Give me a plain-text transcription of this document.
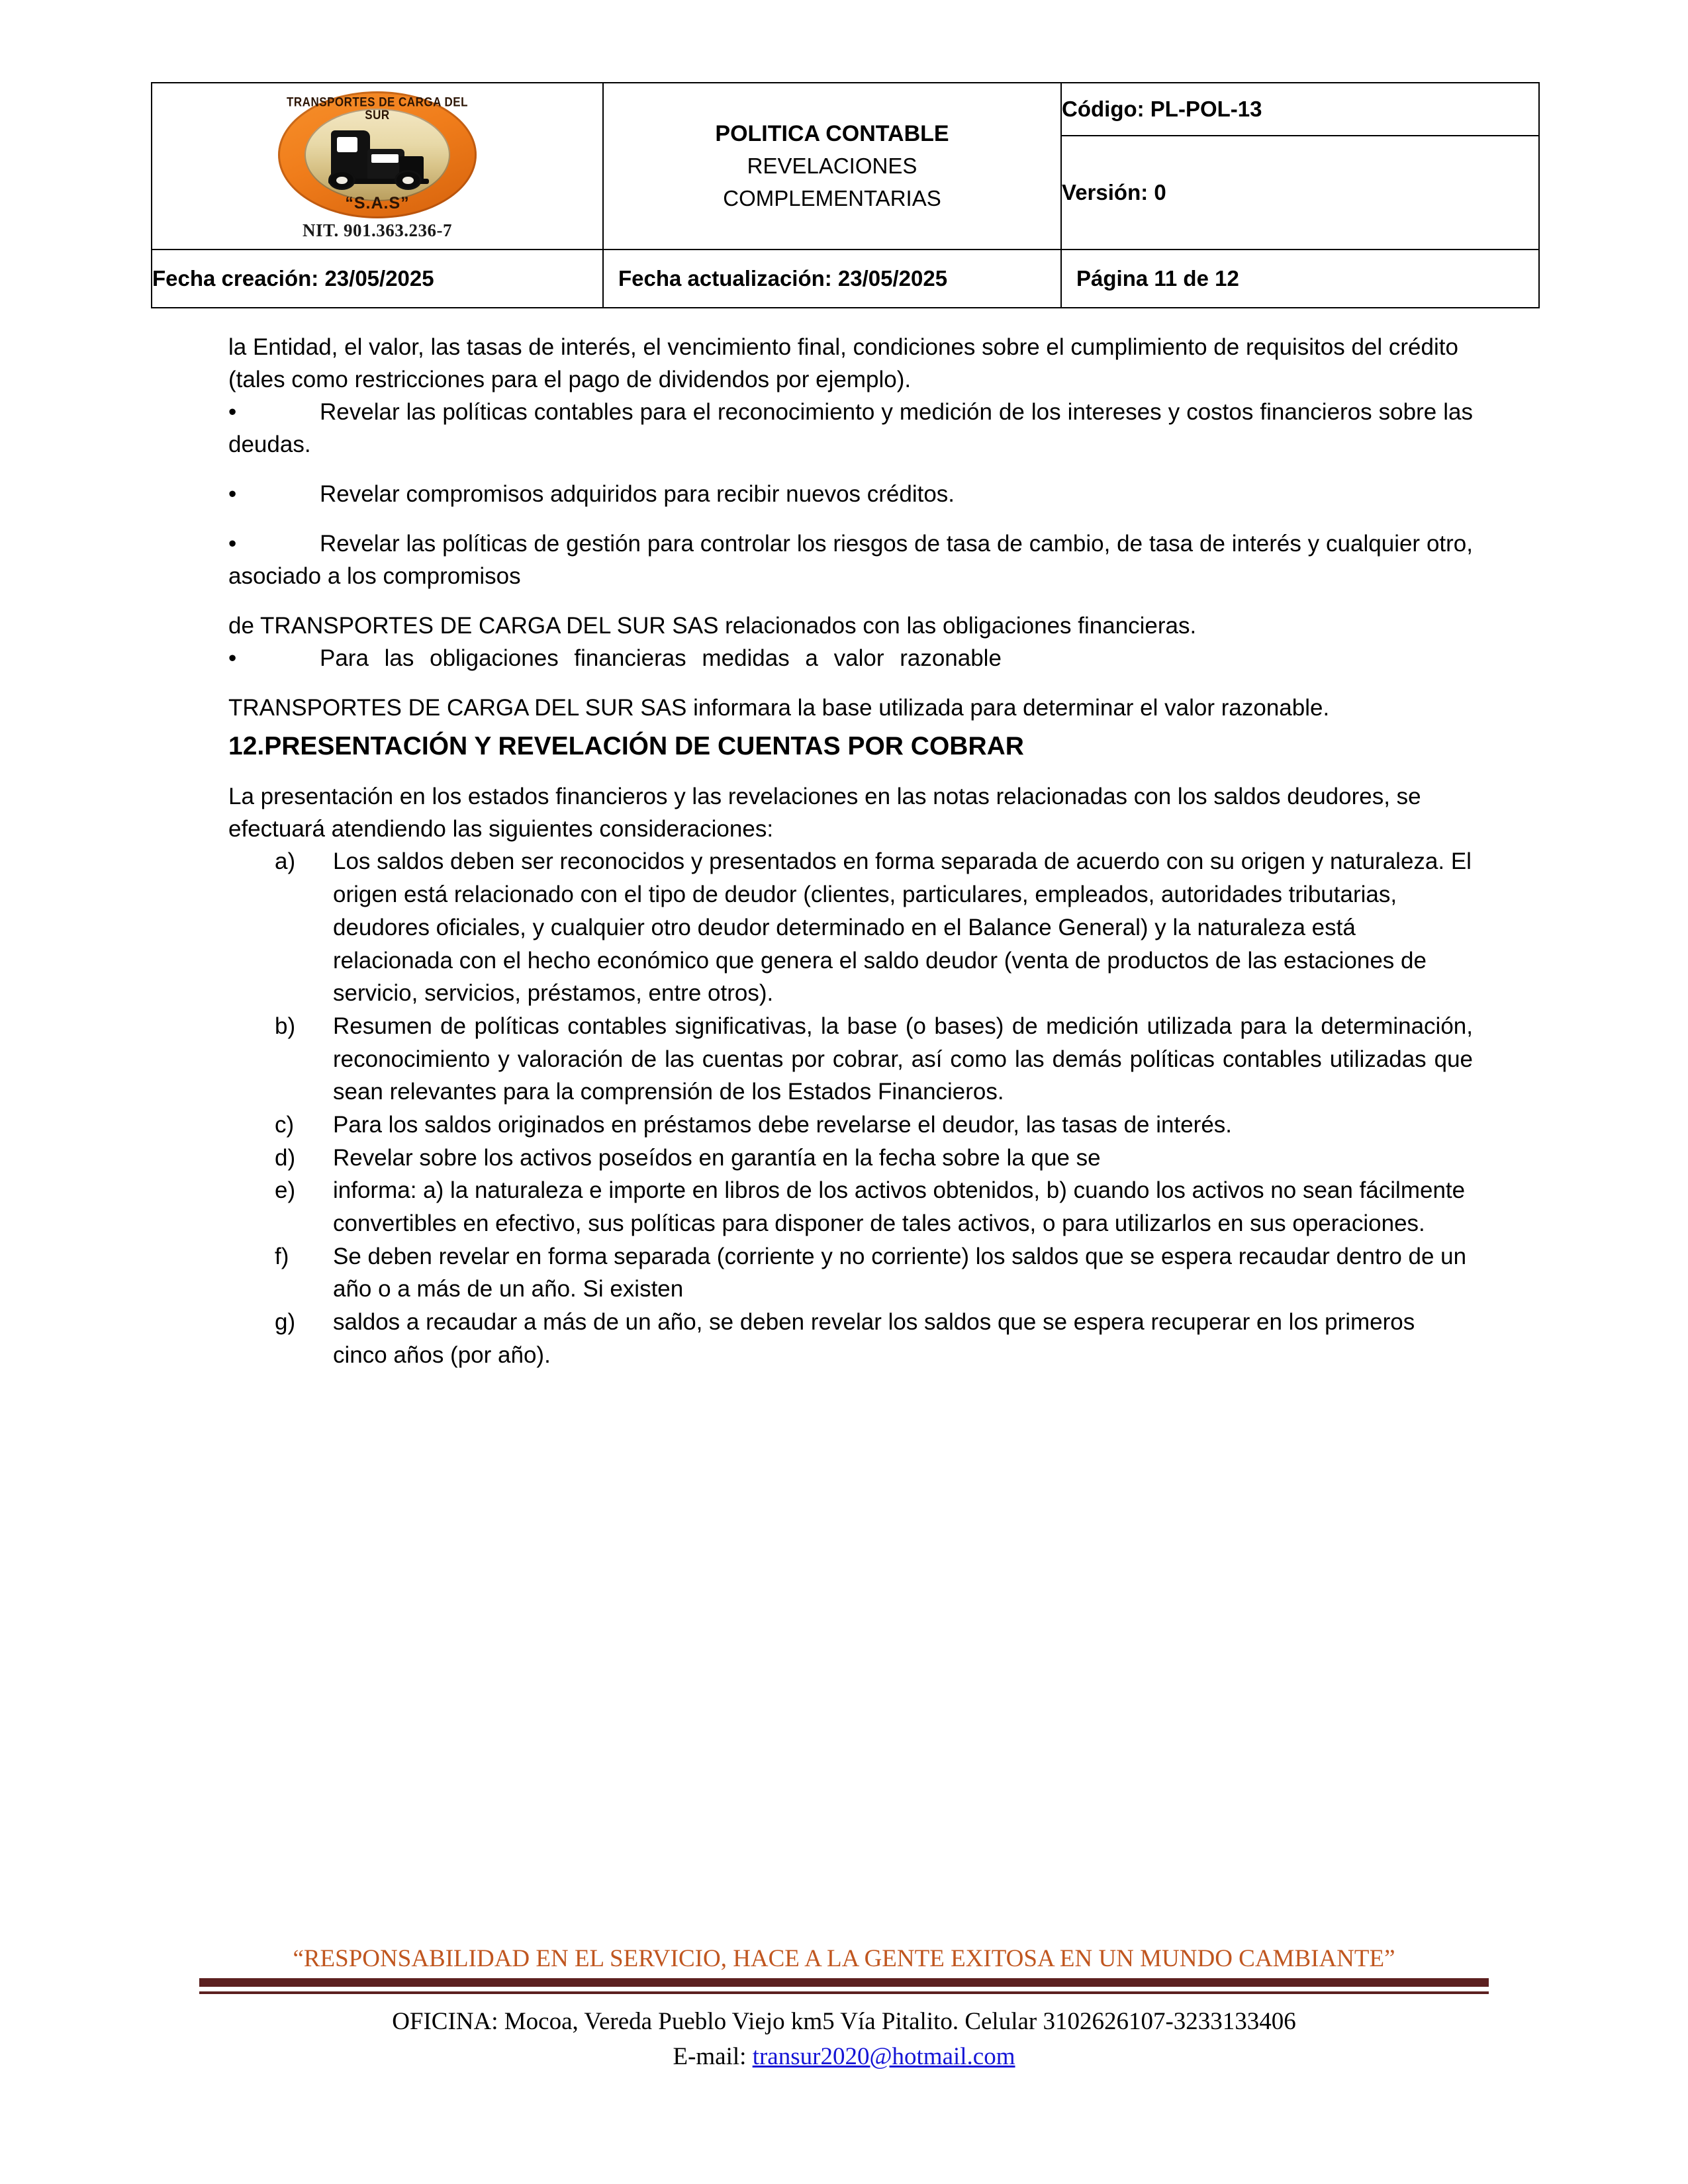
TRANSPORTES DE CARGA DEL SUR
“S.A.S”
NIT. 901.363.236-7

POLITICA CONTABLE
REVELACIONES
COMPLEMENTARIAS
	Código: PL-POL-13
		Versión: 0
Fecha creación: 23/05/2025	Fecha actualización: 23/05/2025	Página 11 de 12

la Entidad, el valor, las tasas de interés, el vencimiento final, condiciones sobre el cumplimiento de requisitos del crédito (tales como restricciones para el pago de dividendos por ejemplo).

•	Revelar las políticas contables para el reconocimiento y medición de los intereses y costos financieros sobre las deudas.
•	Revelar compromisos adquiridos para recibir nuevos créditos.
•	Revelar las políticas de gestión para controlar los riesgos de tasa de cambio, de tasa de interés y cualquier otro, asociado a los compromisos

de TRANSPORTES DE CARGA DEL SUR SAS relacionados con las obligaciones financieras.

•	Para las obligaciones financieras medidas a valor razonable

TRANSPORTES DE CARGA DEL SUR SAS informara la base utilizada para determinar el valor razonable.

12.PRESENTACIÓN Y REVELACIÓN DE CUENTAS POR COBRAR

La presentación en los estados financieros y las revelaciones en las notas relacionadas con los saldos deudores, se efectuará atendiendo las siguientes consideraciones:

a)	Los saldos deben ser reconocidos y presentados en forma separada de acuerdo con su origen y naturaleza. El origen está relacionado con el tipo de deudor (clientes, particulares, empleados, autoridades tributarias, deudores oficiales, y cualquier otro deudor determinado en el Balance General) y la naturaleza está relacionada con el hecho económico que genera el saldo deudor (venta de productos de las estaciones de servicio, servicios, préstamos, entre otros).
b)	Resumen de políticas contables significativas, la base (o bases) de medición utilizada para la determinación, reconocimiento y valoración de las cuentas por cobrar, así como las demás políticas contables utilizadas que sean relevantes para la comprensión de los Estados Financieros.
c)	Para los saldos originados en préstamos debe revelarse el deudor, las tasas de interés.
d)	Revelar sobre los activos poseídos en garantía en la fecha sobre la que se
e)	informa: a) la naturaleza e importe en libros de los activos obtenidos, b) cuando los activos no sean fácilmente convertibles en efectivo, sus políticas para disponer de tales activos, o para utilizarlos en sus operaciones.
f)	Se deben revelar en forma separada (corriente y no corriente) los saldos que se espera recaudar dentro de un año o a más de un año. Si existen
g)	saldos a recaudar a más de un año, se deben revelar los saldos que se espera recuperar en los primeros cinco años (por año).
“RESPONSABILIDAD EN EL SERVICIO, HACE A LA GENTE EXITOSA EN UN MUNDO CAMBIANTE”
OFICINA: Mocoa, Vereda Pueblo Viejo km5 Vía Pitalito. Celular 3102626107-3233133406
E-mail: transur2020@hotmail.com
